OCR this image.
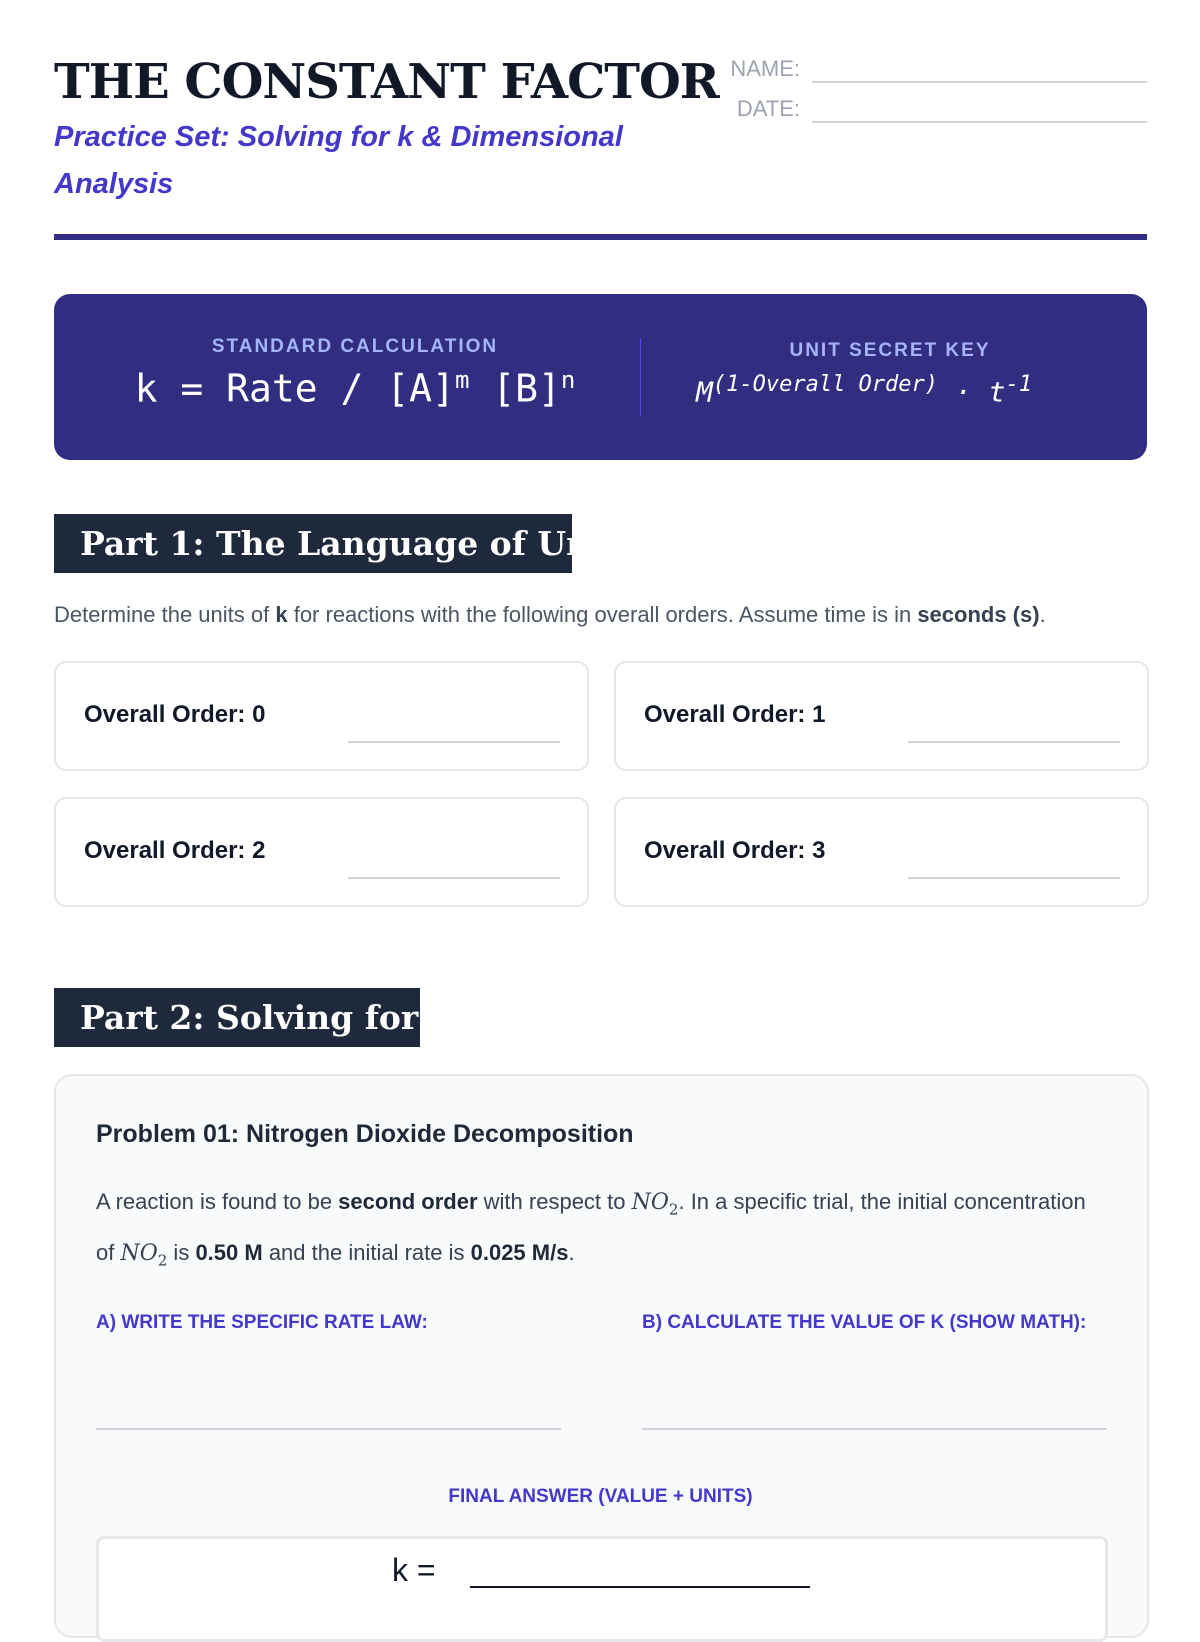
THE CONSTANT FACTOR
Practice Set: Solving for k & Dimensional Analysis
NAME:
DATE:
STANDARD CALCULATION
k = Rate / $[A]^m$ $[B]^n$
UNIT SECRET KEY
$M^{(1-Overall Order)} \cdot t^{-1}$
Part 1: The Language of Units
Determine the units of k for reactions with the following overall orders. Assume time is in seconds (s).
Overall Order: 0	Overall Order: 1
Overall Order: 2	Overall Order: 3
Part 2: Solving for k
Problem 01: Nitrogen Dioxide Decomposition
A reaction is found to be second order with respect to $NO_2$. In a specific trial, the initial concentration of $NO_2$ is 0.50 M and the initial rate is 0.025 M/s.
A) WRITE THE SPECIFIC RATE LAW:	B) CALCULATE THE VALUE OF K (SHOW MATH):
FINAL ANSWER (VALUE + UNITS)
k =
